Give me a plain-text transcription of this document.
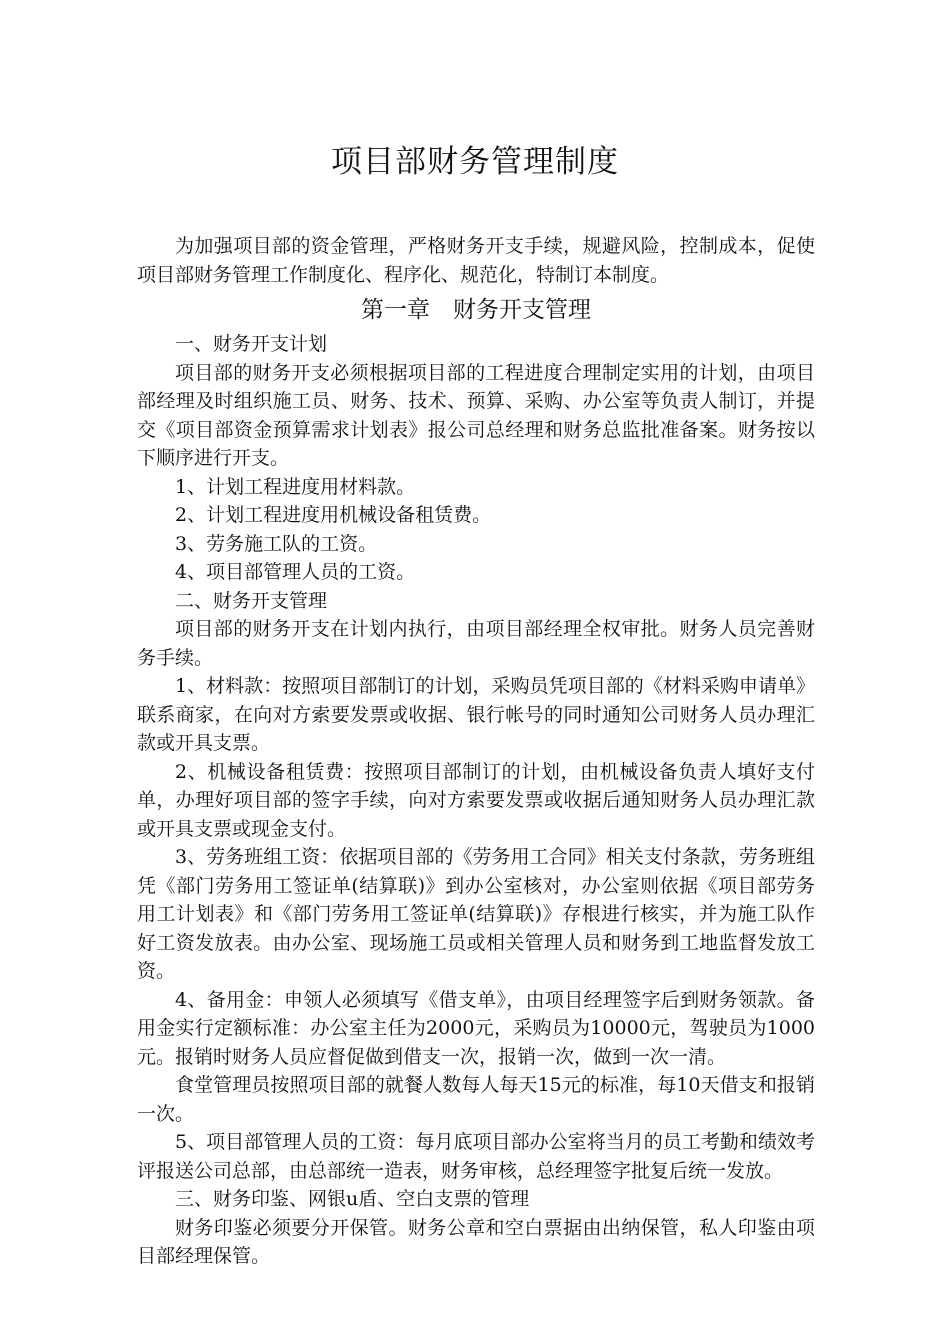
项目部财务管理制度

为加强项目部的资金管理，严格财务开支手续，规避风险，控制成本，促使项目部财务管理工作制度化、程序化、规范化，特制订本制度。

第一章　财务开支管理

一、财务开支计划

项目部的财务开支必须根据项目部的工程进度合理制定实用的计划，由项目部经理及时组织施工员、财务、技术、预算、采购、办公室等负责人制订，并提交《项目部资金预算需求计划表》报公司总经理和财务总监批准备案。财务按以下顺序进行开支。

1、计划工程进度用材料款。

2、计划工程进度用机械设备租赁费。

3、劳务施工队的工资。

4、项目部管理人员的工资。

二、财务开支管理

项目部的财务开支在计划内执行，由项目部经理全权审批。财务人员完善财务手续。

1、材料款：按照项目部制订的计划，采购员凭项目部的《材料采购申请单》联系商家，在向对方索要发票或收据、银行帐号的同时通知公司财务人员办理汇款或开具支票。

2、机械设备租赁费：按照项目部制订的计划，由机械设备负责人填好支付单，办理好项目部的签字手续，向对方索要发票或收据后通知财务人员办理汇款或开具支票或现金支付。

3、劳务班组工资：依据项目部的《劳务用工合同》相关支付条款，劳务班组凭《部门劳务用工签证单(结算联)》到办公室核对，办公室则依据《项目部劳务用工计划表》和《部门劳务用工签证单(结算联)》存根进行核实，并为施工队作好工资发放表。由办公室、现场施工员或相关管理人员和财务到工地监督发放工资。

4、备用金：申领人必须填写《借支单》，由项目经理签字后到财务领款。备用金实行定额标准：办公室主任为2000元，采购员为10000元，驾驶员为1000元。报销时财务人员应督促做到借支一次，报销一次，做到一次一清。

食堂管理员按照项目部的就餐人数每人每天15元的标准，每10天借支和报销一次。

5、项目部管理人员的工资：每月底项目部办公室将当月的员工考勤和绩效考评报送公司总部，由总部统一造表，财务审核，总经理签字批复后统一发放。

三、财务印鉴、网银u盾、空白支票的管理

财务印鉴必须要分开保管。财务公章和空白票据由出纳保管，私人印鉴由项目部经理保管。
